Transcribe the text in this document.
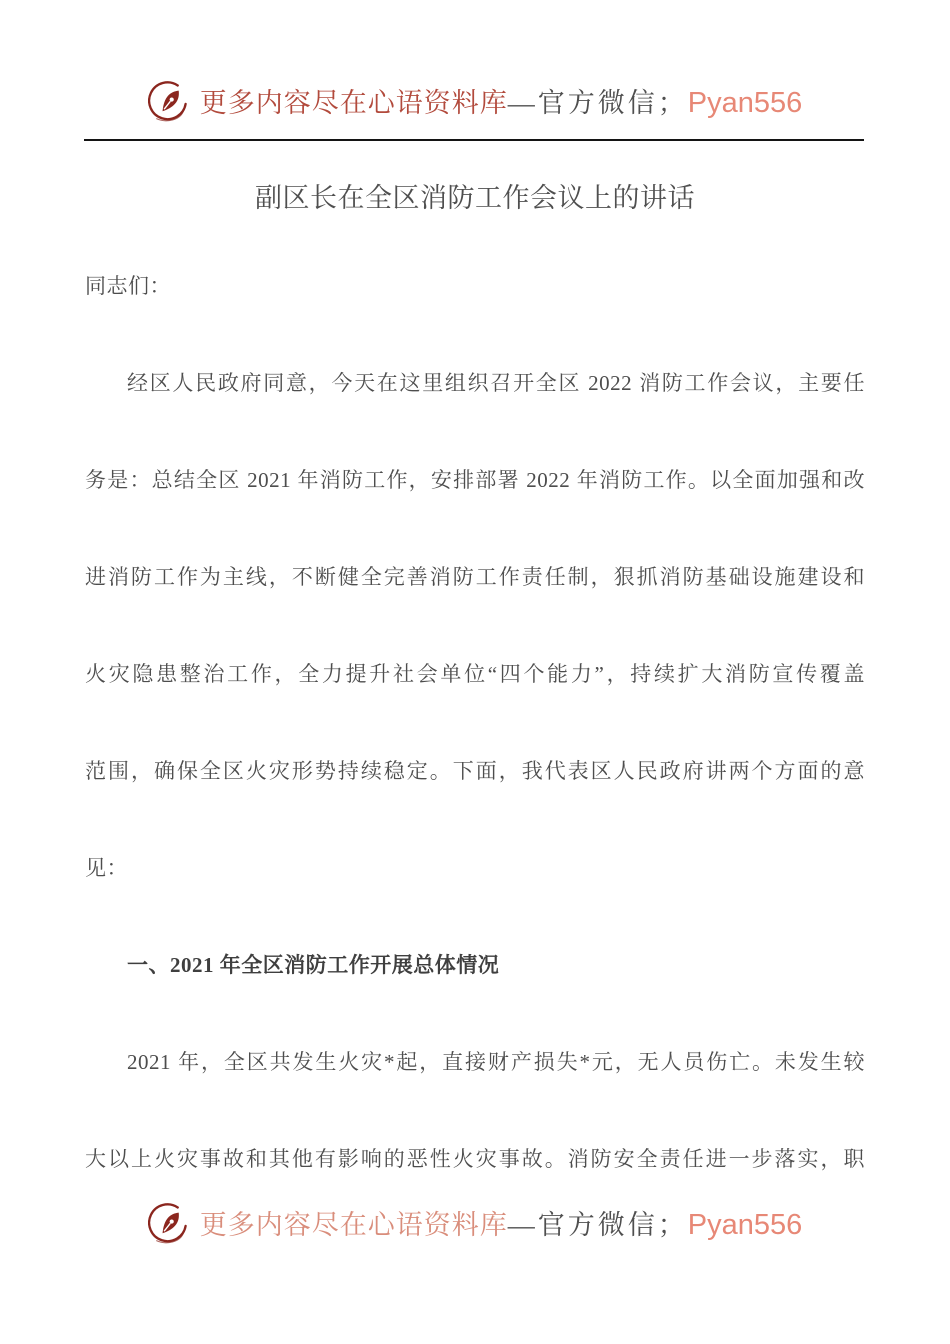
更多内容尽在心语资料库—官方微信；Pyan556
副区长在全区消防工作会议上的讲话
同志们：
经区人民政府同意，今天在这里组织召开全区 2022 消防工作会议，主要任
务是：总结全区 2021 年消防工作，安排部署 2022 年消防工作。以全面加强和改
进消防工作为主线，不断健全完善消防工作责任制，狠抓消防基础设施建设和
火灾隐患整治工作，全力提升社会单位“四个能力”，持续扩大消防宣传覆盖
范围，确保全区火灾形势持续稳定。下面，我代表区人民政府讲两个方面的意
见：
一、2021 年全区消防工作开展总体情况
2021 年，全区共发生火灾*起，直接财产损失*元，无人员伤亡。未发生较
大以上火灾事故和其他有影响的恶性火灾事故。消防安全责任进一步落实，职
更多内容尽在心语资料库—官方微信；Pyan556
